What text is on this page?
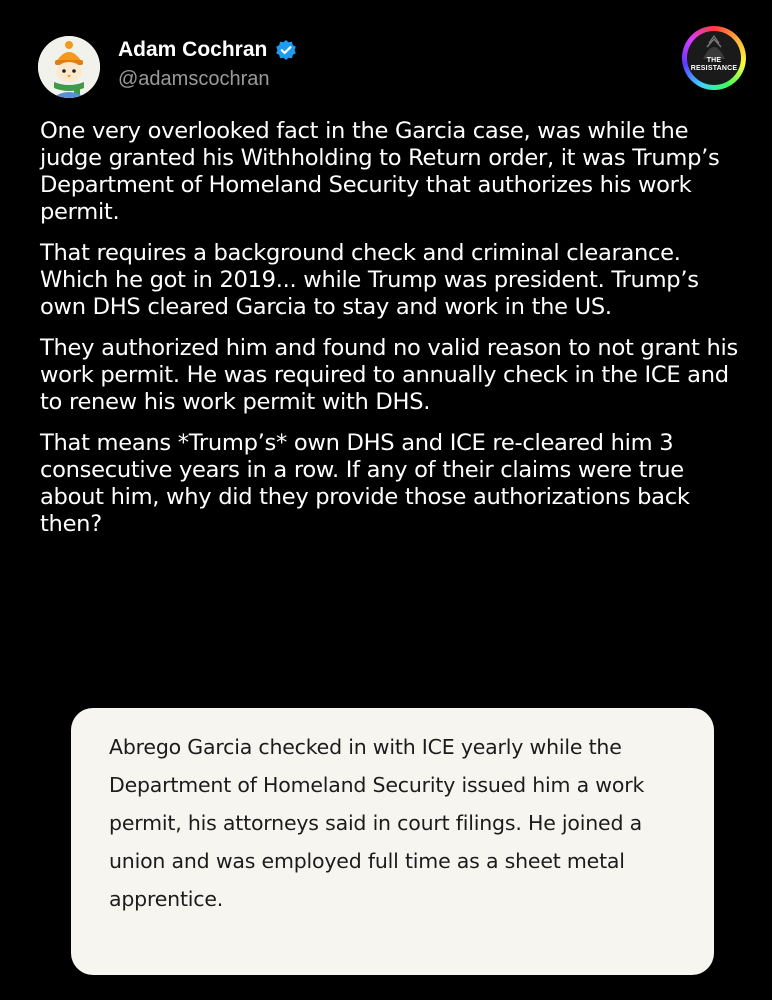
Adam Cochran
@adamscochran
THE
RESISTANCE

One very overlooked fact in the Garcia case, was while the judge granted his Withholding to Return order, it was Trump’s Department of Homeland Security that authorizes his work permit.

That requires a background check and criminal clearance. Which he got in 2019... while Trump was president. Trump’s own DHS cleared Garcia to stay and work in the US.

They authorized him and found no valid reason to not grant his work permit. He was required to annually check in the ICE and to renew his work permit with DHS.

That means *Trump’s* own DHS and ICE re-cleared him 3 consecutive years in a row. If any of their claims were true about him, why did they provide those authorizations back then?

Abrego Garcia checked in with ICE yearly while the Department of Homeland Security issued him a work permit, his attorneys said in court filings. He joined a union and was employed full time as a sheet metal apprentice.
